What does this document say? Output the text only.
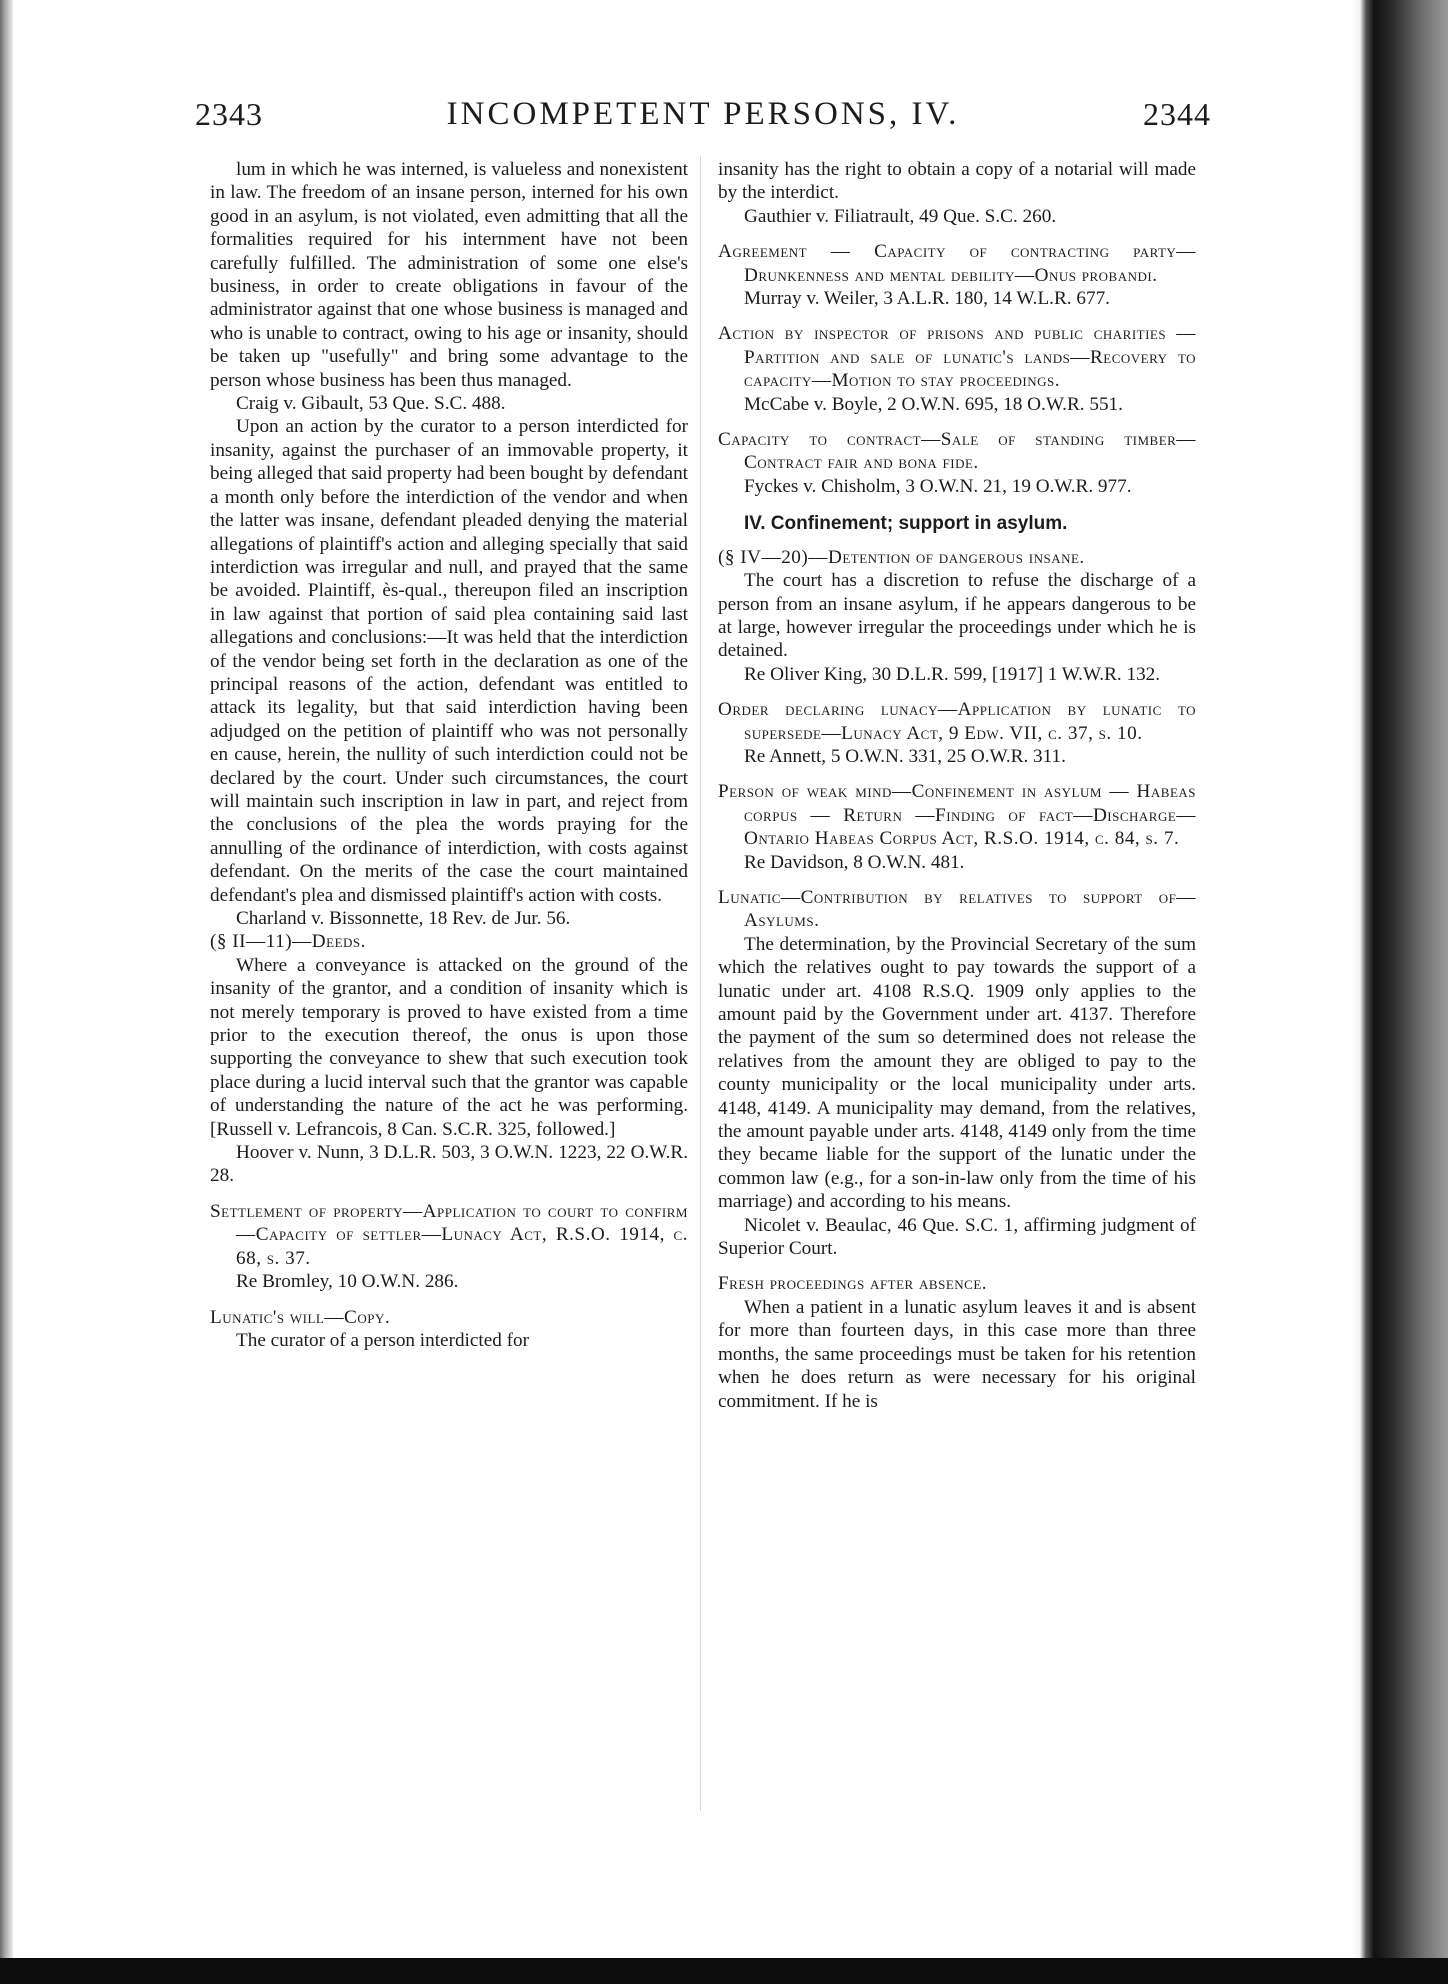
2343	INCOMPETENT PERSONS, IV.	2344

lum in which he was interned, is valueless and nonexistent in law. The freedom of an insane person, interned for his own good in an asylum, is not violated, even admitting that all the formalities required for his internment have not been carefully fulfilled. The administration of some one else's business, in order to create obligations in favour of the administrator against that one whose business is managed and who is unable to contract, owing to his age or insanity, should be taken up "usefully" and bring some advantage to the person whose business has been thus managed.

Craig v. Gibault, 53 Que. S.C. 488.

Upon an action by the curator to a person interdicted for insanity, against the purchaser of an immovable property, it being alleged that said property had been bought by defendant a month only before the interdiction of the vendor and when the latter was insane, defendant pleaded denying the material allegations of plaintiff's action and alleging specially that said interdiction was irregular and null, and prayed that the same be avoided. Plaintiff, ès-qual., thereupon filed an inscription in law against that portion of said plea containing said last allegations and conclusions:—It was held that the interdiction of the vendor being set forth in the declaration as one of the principal reasons of the action, defendant was entitled to attack its legality, but that said interdiction having been adjudged on the petition of plaintiff who was not personally en cause, herein, the nullity of such interdiction could not be declared by the court. Under such circumstances, the court will maintain such inscription in law in part, and reject from the conclusions of the plea the words praying for the annulling of the ordinance of interdiction, with costs against defendant. On the merits of the case the court maintained defendant's plea and dismissed plaintiff's action with costs.

Charland v. Bissonnette, 18 Rev. de Jur. 56.

(§ II—11)—Deeds.

Where a conveyance is attacked on the ground of the insanity of the grantor, and a condition of insanity which is not merely temporary is proved to have existed from a time prior to the execution thereof, the onus is upon those supporting the conveyance to shew that such execution took place during a lucid interval such that the grantor was capable of understanding the nature of the act he was performing. [Russell v. Lefrancois, 8 Can. S.C.R. 325, followed.]

Hoover v. Nunn, 3 D.L.R. 503, 3 O.W.N. 1223, 22 O.W.R. 28.

Settlement of property—Application to court to confirm—Capacity of settler—Lunacy Act, R.S.O. 1914, c. 68, s. 37.

Re Bromley, 10 O.W.N. 286.

Lunatic's will—Copy.

The curator of a person interdicted for

insanity has the right to obtain a copy of a notarial will made by the interdict.

Gauthier v. Filiatrault, 49 Que. S.C. 260.

Agreement — Capacity of contracting party—Drunkenness and mental debility—Onus probandi.

Murray v. Weiler, 3 A.L.R. 180, 14 W.L.R. 677.

Action by inspector of prisons and public charities — Partition and sale of lunatic's lands—Recovery to capacity—Motion to stay proceedings.

McCabe v. Boyle, 2 O.W.N. 695, 18 O.W.R. 551.

Capacity to contract—Sale of standing timber—Contract fair and bona fide.

Fyckes v. Chisholm, 3 O.W.N. 21, 19 O.W.R. 977.

IV. Confinement; support in asylum.

(§ IV—20)—Detention of dangerous insane.

The court has a discretion to refuse the discharge of a person from an insane asylum, if he appears dangerous to be at large, however irregular the proceedings under which he is detained.

Re Oliver King, 30 D.L.R. 599, [1917] 1 W.W.R. 132.

Order declaring lunacy—Application by lunatic to supersede—Lunacy Act, 9 Edw. VII, c. 37, s. 10.

Re Annett, 5 O.W.N. 331, 25 O.W.R. 311.

Person of weak mind—Confinement in asylum — Habeas corpus — Return —Finding of fact—Discharge—Ontario Habeas Corpus Act, R.S.O. 1914, c. 84, s. 7.

Re Davidson, 8 O.W.N. 481.

Lunatic—Contribution by relatives to support of—Asylums.

The determination, by the Provincial Secretary of the sum which the relatives ought to pay towards the support of a lunatic under art. 4108 R.S.Q. 1909 only applies to the amount paid by the Government under art. 4137. Therefore the payment of the sum so determined does not release the relatives from the amount they are obliged to pay to the county municipality or the local municipality under arts. 4148, 4149. A municipality may demand, from the relatives, the amount payable under arts. 4148, 4149 only from the time they became liable for the support of the lunatic under the common law (e.g., for a son-in-law only from the time of his marriage) and according to his means.

Nicolet v. Beaulac, 46 Que. S.C. 1, affirming judgment of Superior Court.

Fresh proceedings after absence.

When a patient in a lunatic asylum leaves it and is absent for more than fourteen days, in this case more than three months, the same proceedings must be taken for his retention when he does return as were necessary for his original commitment. If he is
